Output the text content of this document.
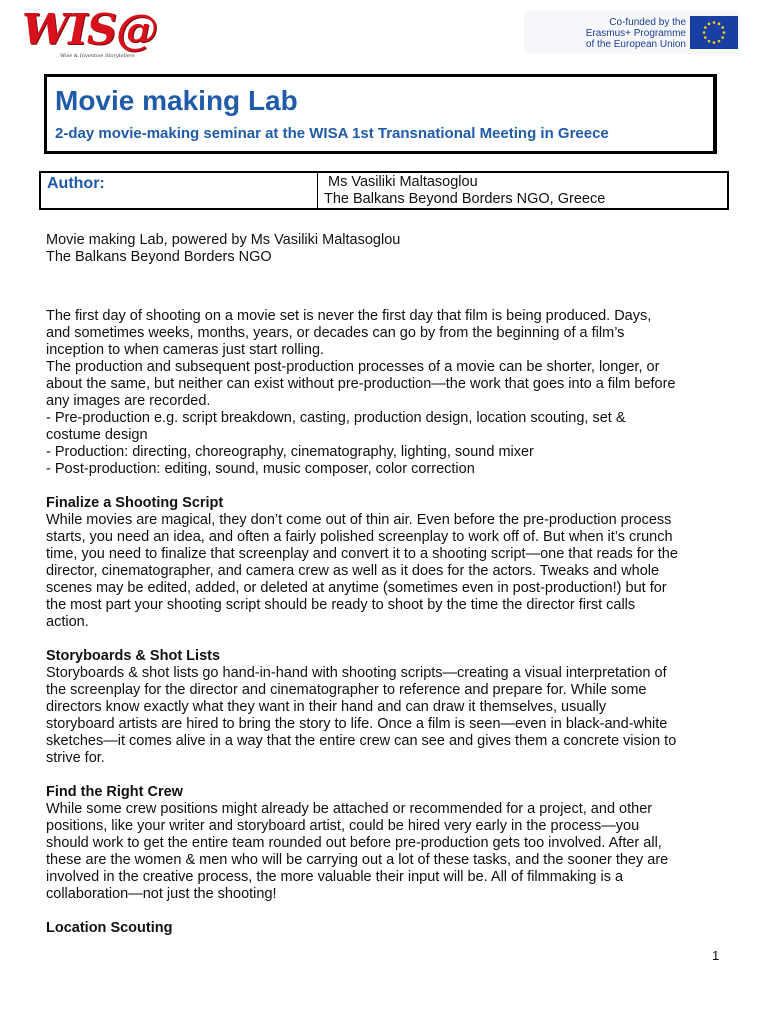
WIS@
Wise & Inventive Storytellers
Co-funded by the
Erasmus+ Programme
of the European Union
Movie making Lab
2-day movie-making seminar at the WISA 1st Transnational Meeting in Greece
Author:	Ms Vasiliki Maltasoglou
The Balkans Beyond Borders NGO, Greece

Movie making Lab, powered by Ms Vasiliki Maltasoglou

The Balkans Beyond Borders NGO

The first day of shooting on a movie set is never the first day that film is being produced. Days,

and sometimes weeks, months, years, or decades can go by from the beginning of a film’s

inception to when cameras just start rolling.

The production and subsequent post-production processes of a movie can be shorter, longer, or

about the same, but neither can exist without pre-production—the work that goes into a film before

any images are recorded.

- Pre-production e.g. script breakdown, casting, production design, location scouting, set &

costume design

- Production: directing, choreography, cinematography, lighting, sound mixer

- Post-production: editing, sound, music composer, color correction

Finalize a Shooting Script

While movies are magical, they don’t come out of thin air. Even before the pre-production process

starts, you need an idea, and often a fairly polished screenplay to work off of. But when it’s crunch

time, you need to finalize that screenplay and convert it to a shooting script—one that reads for the

director, cinematographer, and camera crew as well as it does for the actors. Tweaks and whole

scenes may be edited, added, or deleted at anytime (sometimes even in post-production!) but for

the most part your shooting script should be ready to shoot by the time the director first calls

action.

Storyboards & Shot Lists

Storyboards & shot lists go hand-in-hand with shooting scripts—creating a visual interpretation of

the screenplay for the director and cinematographer to reference and prepare for. While some

directors know exactly what they want in their hand and can draw it themselves, usually

storyboard artists are hired to bring the story to life. Once a film is seen—even in black-and-white

sketches—it comes alive in a way that the entire crew can see and gives them a concrete vision to

strive for.

Find the Right Crew

While some crew positions might already be attached or recommended for a project, and other

positions, like your writer and storyboard artist, could be hired very early in the process—you

should work to get the entire team rounded out before pre-production gets too involved. After all,

these are the women & men who will be carrying out a lot of these tasks, and the sooner they are

involved in the creative process, the more valuable their input will be. All of filmmaking is a

collaboration—not just the shooting!

Location Scouting

1
